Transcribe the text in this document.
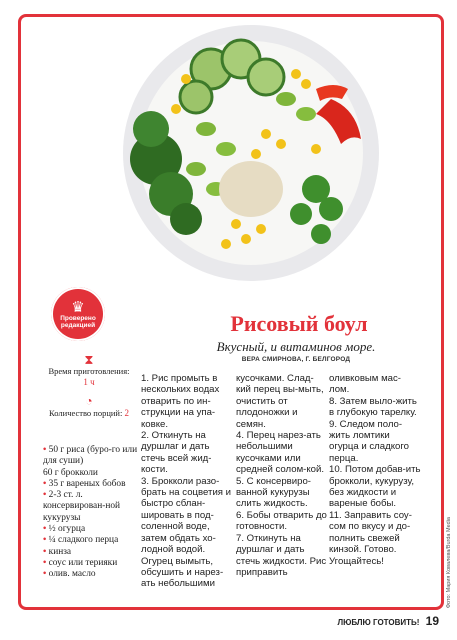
♛
Проверено
редакцией	Рисовый боул
Вкусный, и витаминов море.
ВЕРА СМИРНОВА, Г. БЕЛГОРОД
⧗
Время приготовления:
1 ч
◔
Количество порций: 2
• 50 г риса (буро-го или для суши)
60 г брокколи
• 35 г вареных бобов
• 2-3 ст. л. консервирован-ной кукурузы
• ½ огурца
• ¼ сладкого перца
• кинза
• соус или терияки
• олив. масло

1. Рис промыть в нескольких водах отварить по ин-струкции на упа-ковке.

2. Откинуть на дуршлаг и дать стечь всей жид-кости.

3. Брокколи разо-брать на соцветия и быстро сблан-шировать в под-соленной воде, затем обдать хо-лодной водой. Огурец вымыть, обсушить и нарез-ать небольшими

кусочками. Слад-кий перец вы-мыть, очистить от плодоножки и семян.

4. Перец нарез-ать небольшими кусочками или средней солом-кой.

5. С консервиро-ванной кукурузы слить жидкость.

6. Бобы отварить до готовности.

7. Откинуть на дуршлаг и дать стечь жидкости. Рис приправить

оливковым мас-лом.

8. Затем выло-жить в глубокую тарелку.

9. Следом поло-жить ломтики огурца и сладкого перца.

10. Потом добав-ить брокколи, кукурузу, без жидкости и вареные бобы.

11. Заправить соу-сом по вкусу и до-полнить свежей кинзой. Готово. Угощайтесь!	Фото: Мария Ковалева/Burda Media
ЛЮБЛЮ ГОТОВИТЬ! 19
